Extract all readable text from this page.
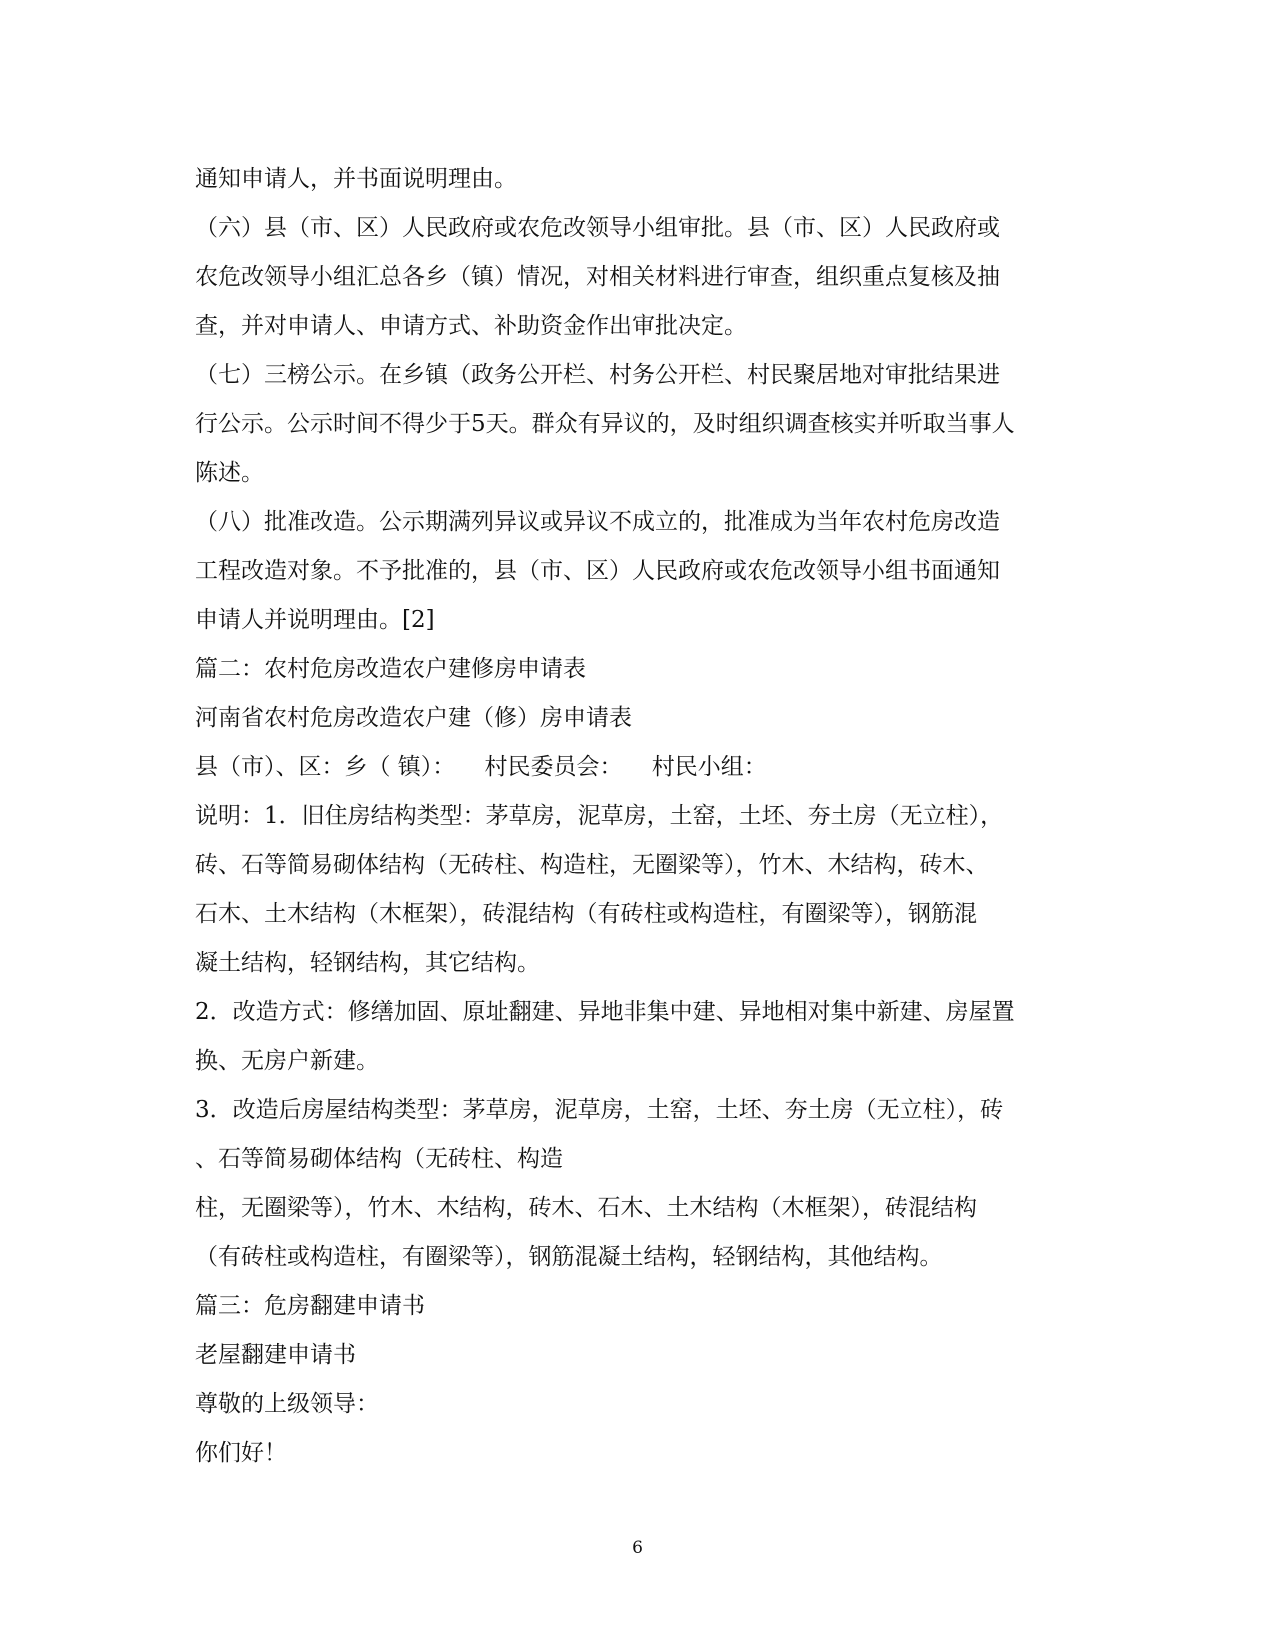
通知申请人，并书面说明理由。
（六）县（市、区）人民政府或农危改领导小组审批。县（市、区）人民政府或
农危改领导小组汇总各乡（镇）情况，对相关材料进行审查，组织重点复核及抽
查，并对申请人、申请方式、补助资金作出审批决定。
（七）三榜公示。在乡镇（政务公开栏、村务公开栏、村民聚居地对审批结果进
行公示。公示时间不得少于5天。群众有异议的，及时组织调查核实并听取当事人
陈述。
（八）批准改造。公示期满列异议或异议不成立的，批准成为当年农村危房改造
工程改造对象。不予批准的，县（市、区）人民政府或农危改领导小组书面通知
申请人并说明理由。[2]
篇二：农村危房改造农户建修房申请表
河南省农村危房改造农户建（修）房申请表
县（市）、区：乡（ 镇）：    村民委员会：    村民小组：
说明：1．旧住房结构类型：茅草房，泥草房，土窑，土坯、夯土房（无立柱），
砖、石等简易砌体结构（无砖柱、构造柱，无圈梁等），竹木、木结构，砖木、
石木、土木结构（木框架），砖混结构（有砖柱或构造柱，有圈梁等），钢筋混
凝土结构，轻钢结构，其它结构。
2．改造方式：修缮加固、原址翻建、异地非集中建、异地相对集中新建、房屋置
换、无房户新建。
3．改造后房屋结构类型：茅草房，泥草房，土窑，土坯、夯土房（无立柱），砖
、石等简易砌体结构（无砖柱、构造
柱，无圈梁等），竹木、木结构，砖木、石木、土木结构（木框架），砖混结构
（有砖柱或构造柱，有圈梁等），钢筋混凝土结构，轻钢结构，其他结构。
篇三：危房翻建申请书
老屋翻建申请书
尊敬的上级领导：
你们好！
6
